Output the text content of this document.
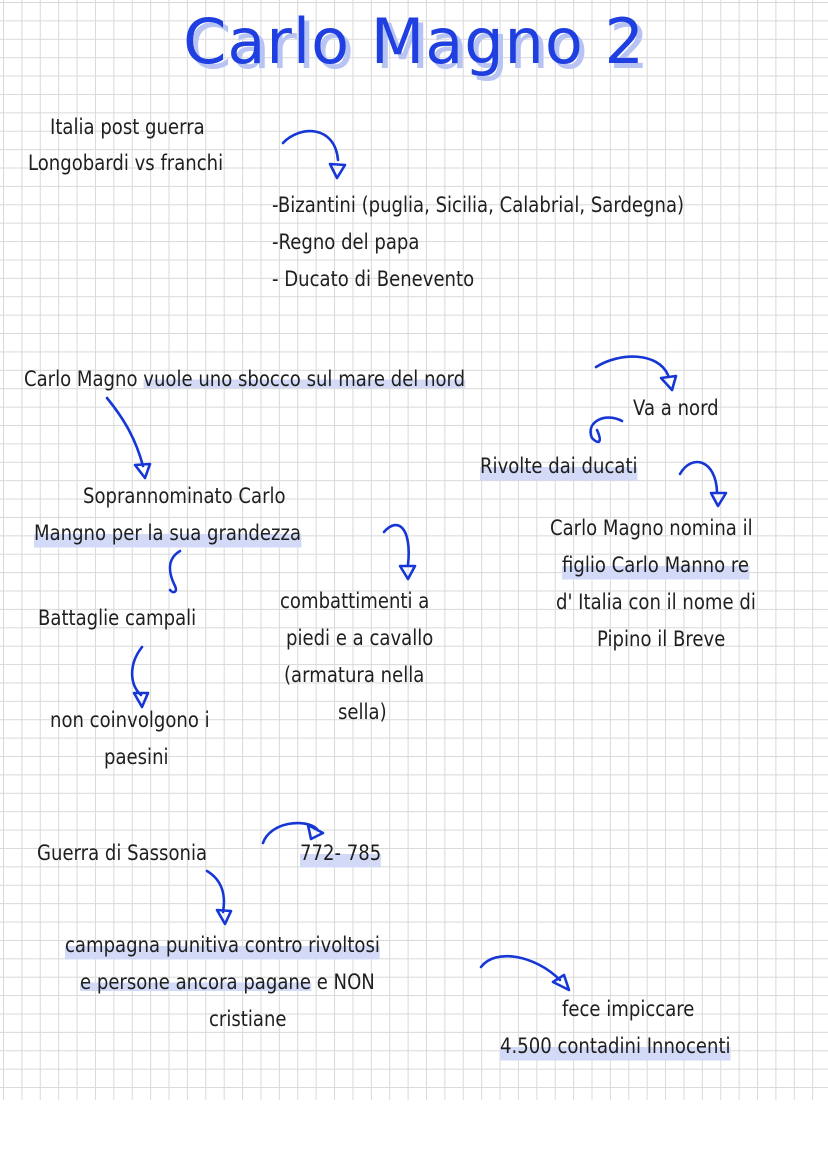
Carlo Magno 2

Italia post guerra

Longobardi vs franchi

-Bizantini (puglia, Sicilia, Calabrial, Sardegna)

-Regno del papa

- Ducato di Benevento

Carlo Magno vuole uno sbocco sul mare del nord

Va a nord

Rivolte dai ducati

Soprannominato Carlo

Mangno per la sua grandezza	Carlo Magno nomina il

figlio Carlo Manno re

d' Italia con il nome di

Pipino il Breve

Battaglie campali

combattimenti a

piedi e a cavallo

(armatura nella

sella)

non coinvolgono i

paesini

Guerra di Sassonia	772- 785

campagna punitiva contro rivoltosi

e persone ancora pagane e NON

cristiane	fece impiccare

4.500 contadini Innocenti
